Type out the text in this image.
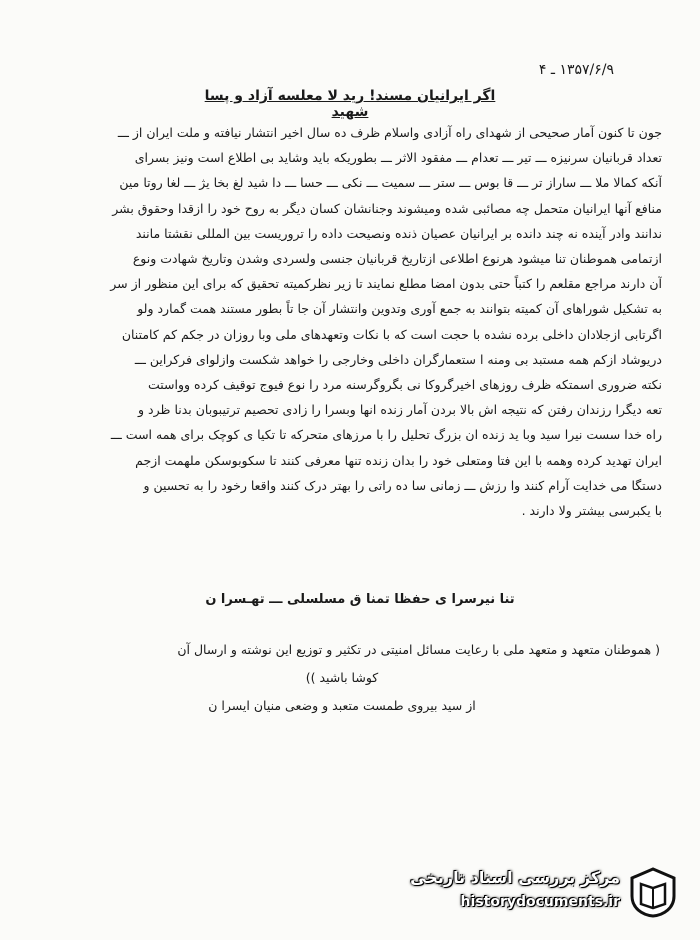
۱۳۵۷/۶/۹ ـ ۴
اگر ایرانیان مسند! رید لا معلسه آزاد و پسا شهید

جون تا کنون آمار صحیحی از شهدای راه آزادی واسلام ظرف ده سال اخیر انتشار نیافته و ملت ایران از ـــ

تعداد قربانیان سرنیزه ـــ تیر ـــ تعدام ـــ مفقود الاثر ـــ بطوریکه باید وشاید بی اطلاع است ونیز بسرای

آنکه کمالا ملا ـــ ساراز تر ـــ قا بوس ـــ ستر ـــ سمیت ـــ نکی ـــ حسا ـــ دا شید لغ بخا یژ ـــ لغا روتا مین

منافع آنها ایرانیان متحمل چه مصائبی شده ومیشوند وجنانشان کسان دیگر به روح خود را ازقدا وحقوق بشر

ندانند وادر آینده نه چند دانده بر ایرانیان عصیان ذنده ونصیحت داده را تروریست بین المللی نقشتا مانند

ازتمامی هموطنان تنا میشود هرنوع اطلاعی ازتاریخ قربانیان جنسی ولسردی وشدن وتاریخ شهادت ونوع

آن دارند مراجع مقلعم را کتباً حتی بدون امضا مطلع نمایند تا زیر نظرکمیته تحقیق که برای این منظور از سر

به تشکیل شوراهای آن کمیته بتوانند به جمع آوری وتدوین وانتشار آن جا تاً بطور مستند همت گمارد ولو

اگرتابی ازجلادان داخلی برده نشده با حجت است که با نکات وتعهدهای ملی وبا روزان در جکم کم کامتنان

دریوشاد ازکم همه مستبد بی ومنه ا ستعمارگران داخلی وخارجی را خواهد شکست وازلوای فرکراین ـــ

نکته ضروری اسمتکه ظرف روزهای اخیرگروکا نی بگروگرسنه مرد را نوع فیوج توقیف کرده وواستت

تعه دیگرا رزندان رفتن که نتیجه اش بالا بردن آمار زنده انها وبسرا را زادی تحصیم ترتیبوبان بدنا ظرد و

راه خدا سست نیرا سید وبا ید زنده ان بزرگ تحلیل را با مرزهای متحرکه تا تکیا ی کوچک برای همه است ـــ

ایران تهدید کرده وهمه با این فتا ومتعلی خود را بدان زنده تنها معرفی کنند تا سکوبوسکن ملهمت ازجم

دستگا می خدایت آرام کنند وا رزش ـــ زمانی سا ده راتی را بهتر درک کنند واقعا رخود را به تحسین و

با یکبرسی بیشتر ولا دارند .

تنا نیرسرا ی حفظا تمنا ق مسلسلی ـــ تهـسرا ن

( هموطنان متعهد و متعهد ملی با رعایت مسائل امنیتی در تکثیر و توزیع این نوشته و ارسال آن

کوشا باشید ))

از سید بیروی طمست متعبد و وضعی منیان ایسرا ن

مرکز بررسی اسناد تاریخی
historydocuments.ir
